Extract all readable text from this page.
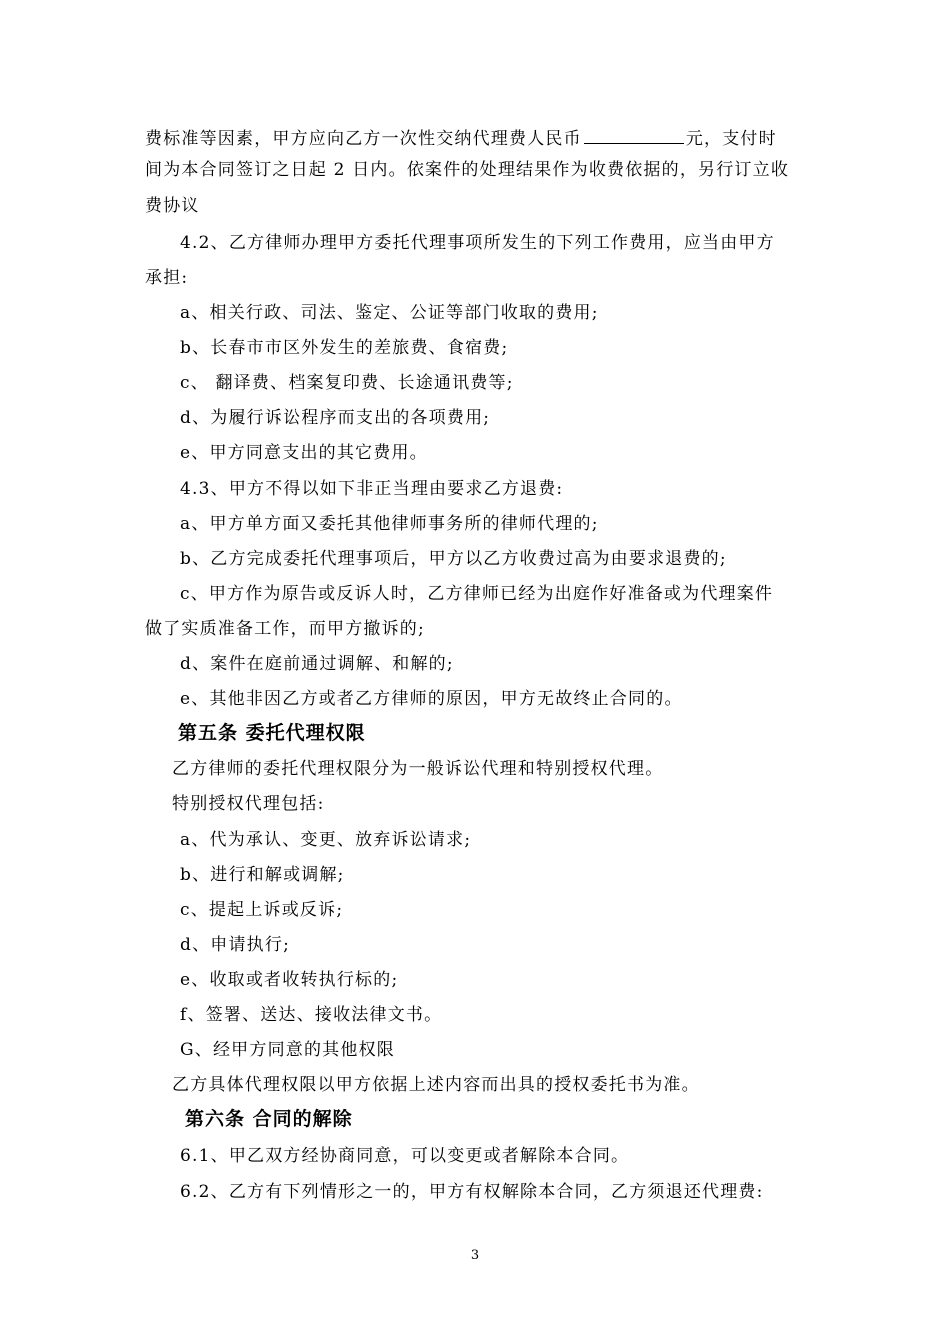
费标准等因素，甲方应向乙方一次性交纳代理费人民币	元，支付时
间为本合同签订之日起 2 日内。依案件的处理结果作为收费依据的，另行订立收
费协议
4.2、乙方律师办理甲方委托代理事项所发生的下列工作费用，应当由甲方
承担:
a、相关行政、司法、鉴定、公证等部门收取的费用;
b、长春市市区外发生的差旅费、食宿费;
c、 翻译费、档案复印费、长途通讯费等;
d、为履行诉讼程序而支出的各项费用;
e、甲方同意支出的其它费用。
4.3、甲方不得以如下非正当理由要求乙方退费:
a、甲方单方面又委托其他律师事务所的律师代理的;
b、乙方完成委托代理事项后，甲方以乙方收费过高为由要求退费的;
c、甲方作为原告或反诉人时，乙方律师已经为出庭作好准备或为代理案件
做了实质准备工作，而甲方撤诉的;
d、案件在庭前通过调解、和解的;
e、其他非因乙方或者乙方律师的原因，甲方无故终止合同的。
第五条 委托代理权限
乙方律师的委托代理权限分为一般诉讼代理和特别授权代理。
特别授权代理包括:
a、代为承认、变更、放弃诉讼请求;
b、进行和解或调解;
c、提起上诉或反诉;
d、申请执行;
e、收取或者收转执行标的;
f、签署、送达、接收法律文书。
G、经甲方同意的其他权限
乙方具体代理权限以甲方依据上述内容而出具的授权委托书为准。
第六条 合同的解除
6.1、甲乙双方经协商同意，可以变更或者解除本合同。
6.2、乙方有下列情形之一的，甲方有权解除本合同，乙方须退还代理费:
3
